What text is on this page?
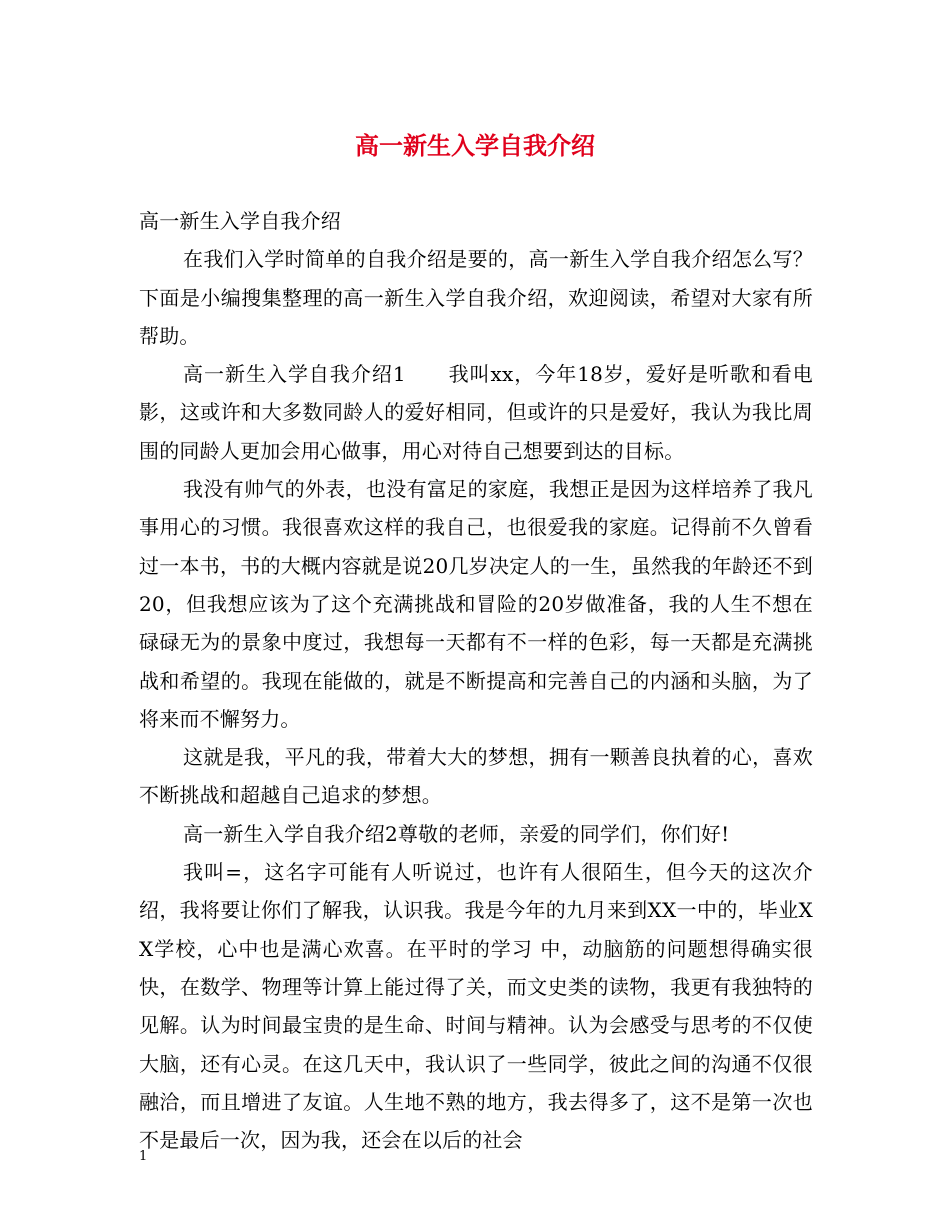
高一新生入学自我介绍

高一新生入学自我介绍

在我们入学时简单的自我介绍是要的，高一新生入学自我介绍怎么写？下面是小编搜集整理的高一新生入学自我介绍，欢迎阅读，希望对大家有所帮助。

高一新生入学自我介绍1　　我叫xx，今年18岁，爱好是听歌和看电影，这或许和大多数同龄人的爱好相同，但或许的只是爱好，我认为我比周围的同龄人更加会用心做事，用心对待自己想要到达的目标。

我没有帅气的外表，也没有富足的家庭，我想正是因为这样培养了我凡事用心的习惯。我很喜欢这样的我自己，也很爱我的家庭。记得前不久曾看过一本书，书的大概内容就是说20几岁决定人的一生，虽然我的年龄还不到20，但我想应该为了这个充满挑战和冒险的20岁做准备，我的人生不想在碌碌无为的景象中度过，我想每一天都有不一样的色彩，每一天都是充满挑战和希望的。我现在能做的，就是不断提高和完善自己的内涵和头脑，为了将来而不懈努力。

这就是我，平凡的我，带着大大的梦想，拥有一颗善良执着的心，喜欢不断挑战和超越自己追求的梦想。

高一新生入学自我介绍2尊敬的老师，亲爱的同学们，你们好!

我叫=，这名字可能有人听说过，也许有人很陌生，但今天的这次介绍，我将要让你们了解我，认识我。我是今年的九月来到XX一中的，毕业XX学校，心中也是满心欢喜。在平时的学习 中，动脑筋的问题想得确实很快，在数学、物理等计算上能过得了关，而文史类的读物，我更有我独特的见解。认为时间最宝贵的是生命、时间与精神。认为会感受与思考的不仅使大脑，还有心灵。在这几天中，我认识了一些同学，彼此之间的沟通不仅很融洽，而且增进了友谊。人生地不熟的地方，我去得多了，这不是第一次也不是最后一次，因为我，还会在以后的社会

1
